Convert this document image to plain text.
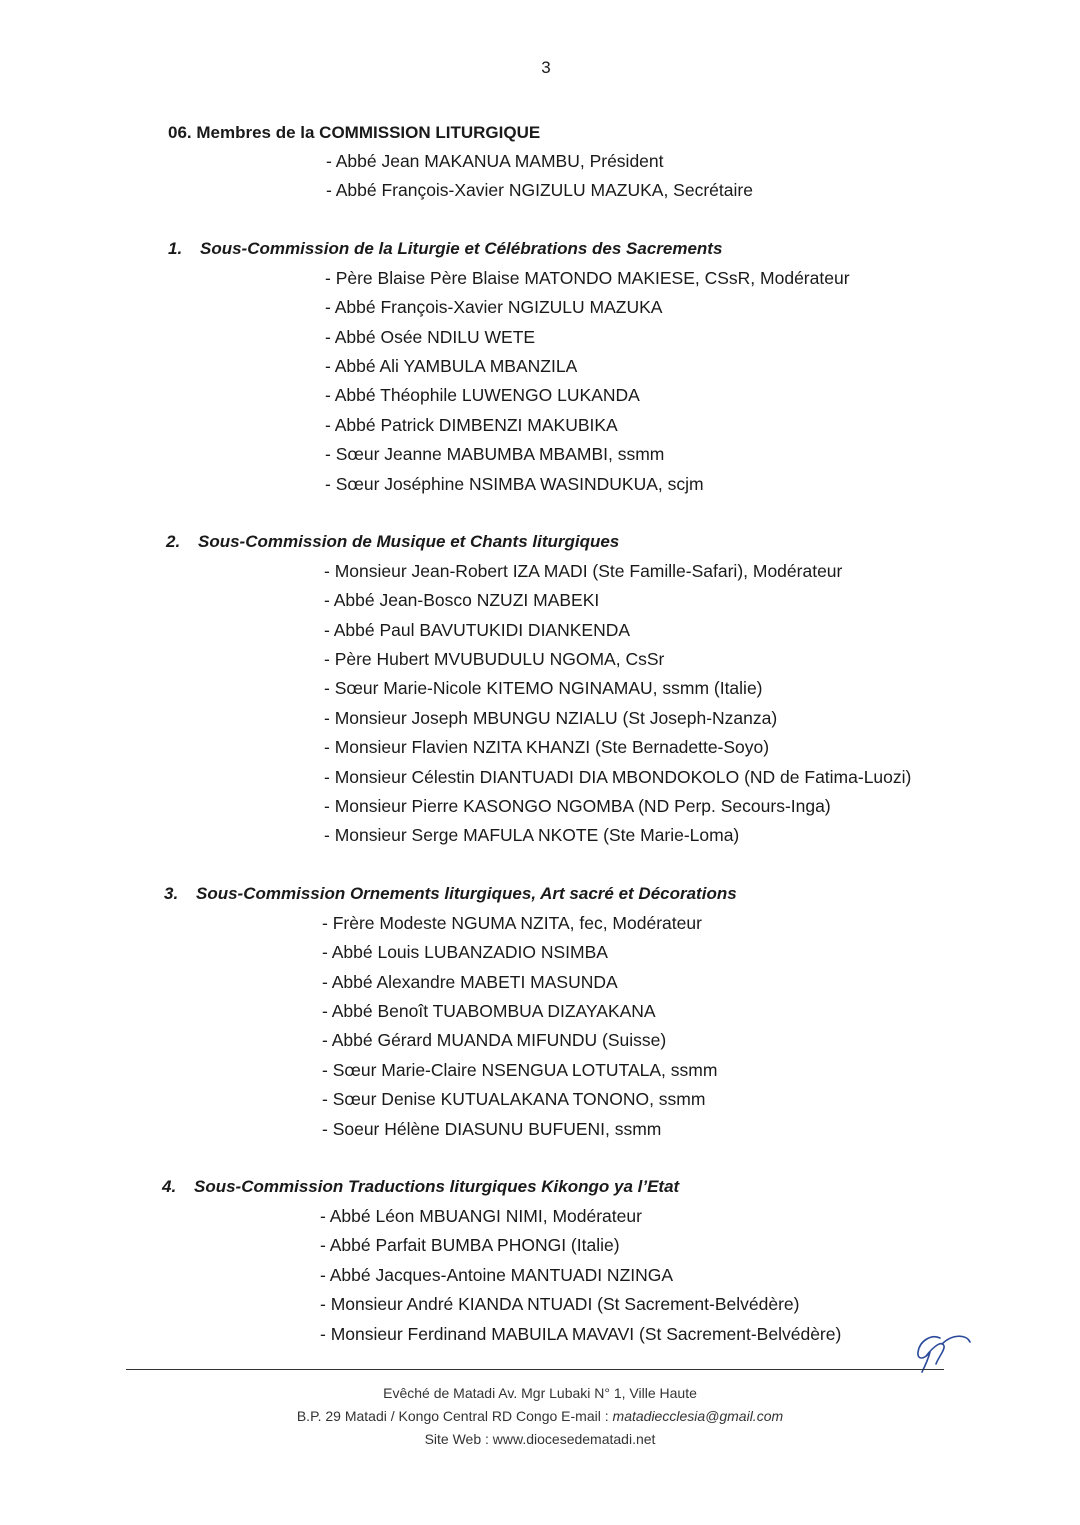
3
06. Membres de la COMMISSION LITURGIQUE
- Abbé Jean MAKANUA MAMBU, Président
- Abbé François-Xavier NGIZULU MAZUKA, Secrétaire
1. Sous-Commission de la Liturgie et Célébrations des Sacrements
- Père Blaise Père Blaise MATONDO MAKIESE, CSsR, Modérateur
- Abbé François-Xavier NGIZULU MAZUKA
- Abbé Osée NDILU WETE
- Abbé Ali YAMBULA MBANZILA
- Abbé Théophile LUWENGO LUKANDA
- Abbé Patrick DIMBENZI MAKUBIKA
- Sœur Jeanne MABUMBA MBAMBI, ssmm
- Sœur Joséphine NSIMBA WASINDUKUA, scjm
2. Sous-Commission de Musique et Chants liturgiques
- Monsieur Jean-Robert IZA MADI (Ste Famille-Safari), Modérateur
- Abbé Jean-Bosco NZUZI MABEKI
- Abbé Paul BAVUTUKIDI DIANKENDA
- Père Hubert MVUBUDULU NGOMA, CsSr
- Sœur Marie-Nicole KITEMO NGINAMAU, ssmm (Italie)
- Monsieur Joseph MBUNGU NZIALU (St Joseph-Nzanza)
- Monsieur Flavien NZITA KHANZI (Ste Bernadette-Soyo)
- Monsieur Célestin DIANTUADI DIA MBONDOKOLO (ND de Fatima-Luozi)
- Monsieur Pierre KASONGO NGOMBA (ND Perp. Secours-Inga)
- Monsieur Serge MAFULA NKOTE (Ste Marie-Loma)
3. Sous-Commission Ornements liturgiques, Art sacré et Décorations
- Frère Modeste NGUMA NZITA, fec, Modérateur
- Abbé Louis LUBANZADIO NSIMBA
- Abbé Alexandre MABETI MASUNDA
- Abbé Benoît TUABOMBUA DIZAYAKANA
- Abbé Gérard MUANDA MIFUNDU (Suisse)
- Sœur Marie-Claire NSENGUA LOTUTALA, ssmm
- Sœur Denise KUTUALAKANA TONONO, ssmm
- Soeur Hélène DIASUNU BUFUENI, ssmm
4. Sous-Commission Traductions liturgiques Kikongo ya l’Etat
- Abbé Léon MBUANGI NIMI, Modérateur
- Abbé Parfait BUMBA PHONGI (Italie)
- Abbé Jacques-Antoine MANTUADI NZINGA
- Monsieur André KIANDA NTUADI (St Sacrement-Belvédère)
- Monsieur Ferdinand MABUILA MAVAVI (St Sacrement-Belvédère)
Evêché de Matadi Av. Mgr Lubaki N° 1, Ville Haute
B.P. 29 Matadi / Kongo Central RD Congo E-mail : matadiecclesia@gmail.com
Site Web : www.diocesedematadi.net
